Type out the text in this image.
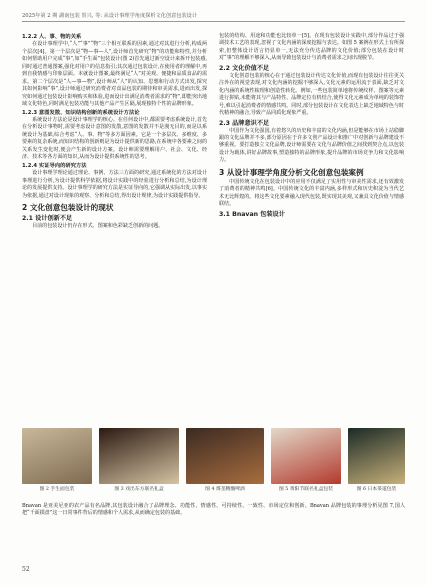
2025年第 2 期 湖南包装 贺兴, 等: 从设计事理学角度探析文化创意包装设计
1.2.2 人、事、物的关系

在设计事理学中,“人”“事”“物”三个相互联系的因素,通过对其进行分析,构成两个层次[4]。第一个层次是“物—事—人”,设计师首先研究“物”的功能和特性,并分析如何帮助用户完成“事”,如“手生面”包装设计(图 2)首先通过新空设计来拆开包装感,同时通过普通图案,强化对用户的信息指引;其次通过包装设计,在使用者的理解中,再到自我情感与印象层面。本就设计图案,最终满足“人”对美观、便捷和品质食品的需求。第二个层次是“人—事—物”,设计师从“人”的认知、思想和行动方式出发,探究其如何影响“事”,设计师通过研究消费者对食品包装的期待和审美需求,进而出发,探究如何通过包装设计影响购买和体验,进而设计出满足消费者需求的“物”,即能突出地域文化特色,同时满足包装功能与其他产品产生区隔,展现独特个性的品牌形象。

1.2.3 意图发散、知识结构创新的系统设计方法论

系统设计方法论是设计事理学的核心。在任何设计中,都需要考虑系统设计,首先在分析设计事物时,需要考虑设计意图的发散,意图的发散并不是漫无目的,而是以系统设计为基础,综合考虑“人、事、物”等多方面因素。它是一个多层次、多维度、多要素的复杂系统,而知识结构的创新则是为设计提供新的思路,在系统中各要素之间的关系发生变化时,便会产生新的设计方案。设计师需要理解用户、社会、文化、经济、技术等各方面的知识,从而为设计提供系统性的思考。

1.2.4 实证导向的研究方法

设计事理学理论通过理论、事例、方法三方面的研究,通过系统化的方法对设计事理进行分析,为设计提供科学依据,将设计实践中的经验进行分析和总结,为设计理论的发展提供支持。设计事理学的研究方法是实证导向的,它强调从实际出发,以事实为依据,通过对设计现象的观察、分析和总结,得出设计规律,为设计实践提供指导。

2 文化创意包装设计的现状
2.1 设计创新不足

目前的包装设计仍存在形式、图案和色彩缺乏创新的问题。

包装的结构、用途和功能也比较单一[5]。在现有包装设计实践中,部分作品过于强调技术工艺的表现,忽视了文化内涵的深度挖掘与表达。如图 5 案例在形式上有所探索,但整体设计语言仍显单一,无法充分传达品牌的文化价值;部分包装在设计时对“事”的理解不够深入,从而导致包装设计与消费者需求之间出现脱节。

2.2 文化价值不足

文化创意包装的核心在于通过包装设计传达文化价值,而现有包装设计往往更关注外在的视觉表现,对文化内涵的挖掘不够深入,文化元素的运用流于表面,缺乏对文化内涵的系统性梳理和创造性转化。例如,一些包装简单地将传统纹样、图案等元素进行拼贴,未能将其与产品特性、品牌定位有机结合,使得文化元素成为单纯的装饰符号,难以引起消费者的情感共鸣。同时,部分包装设计在文化表达上缺乏地域特色与时代精神的融合,导致产品同质化现象严重。

2.3 品牌意识不足

中国作为文化强国,有着悠久的历史和丰富的文化内涵,但是能够在市场上站稳脚跟的文化品牌并不多,部分原因在于许多文创产品设计和推广中对创新与品牌建设不够重视。要打造独立文化品牌,设计师需要在文化与品牌价值之间找到契合点,以包装设计为载体,讲好品牌故事,塑造独特的品牌形象,提升品牌的市场竞争力和文化影响力。

3 从设计事理学角度分析文化创意包装案例

中国传统文化在包装设计中的应用不仅满足了实用性与审美性需求,还有效激发了消费者的精神共鸣[6]。中国传统文化的丰富内涵,多样形式和历史积淀为当代艺术无比辉煌的。将这些文化要素融入现代包装,既实现其美观,又兼具文化价值与情感联结。

3.1 Bnavan 包装设计
图 2 手生面包装	图 3 戏出东方联名礼盒	图 4 煤垄精酿啤酒	图 5 黄阳节联名礼盒包装	图 6 日本茶道包装
Bnavan 是亚美尼亚的农产品有名品牌,其包装设计融合了品牌理念、功能性、情感性、可持续性、一致性、市场定位和创新。Bnavan 品牌包装的事理分析见图 7,国人把“千面摸盘”这一日常事件背后的情感和个人需求,从而确定包装的基础。
52
